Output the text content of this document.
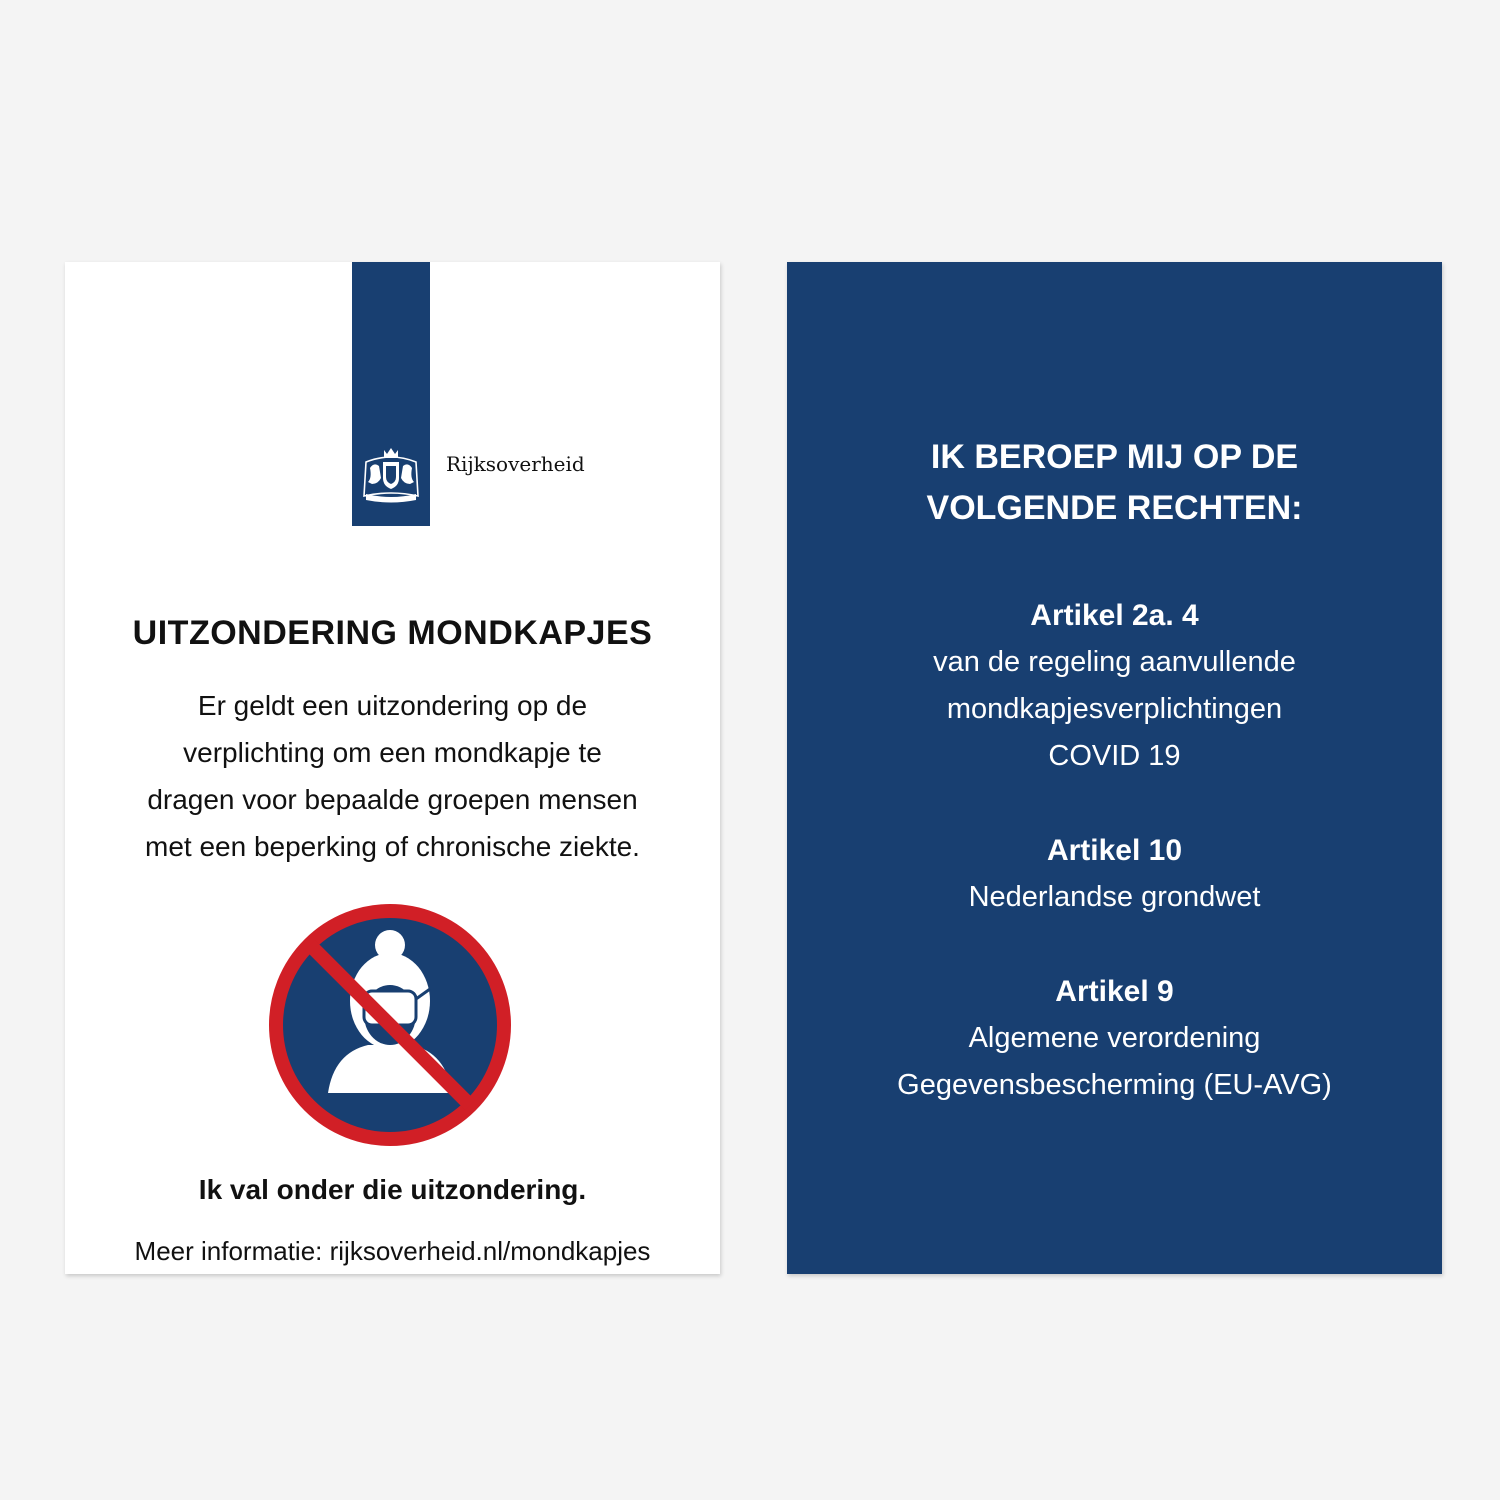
Rijksoverheid
UITZONDERING MONDKAPJES

Er geldt een uitzondering op de
verplichting om een mondkapje te
dragen voor bepaalde groepen mensen
met een beperking of chronische ziekte.

Ik val onder die uitzondering.
Meer informatie: rijksoverheid.nl/mondkapjes
IK BEROEP MIJ OP DE
VOLGENDE RECHTEN:
Artikel 2a. 4
van de regeling aanvullende
mondkapjesverplichtingen
COVID 19
Artikel 10
Nederlandse grondwet
Artikel 9
Algemene verordening
Gegevensbescherming (EU-AVG)
